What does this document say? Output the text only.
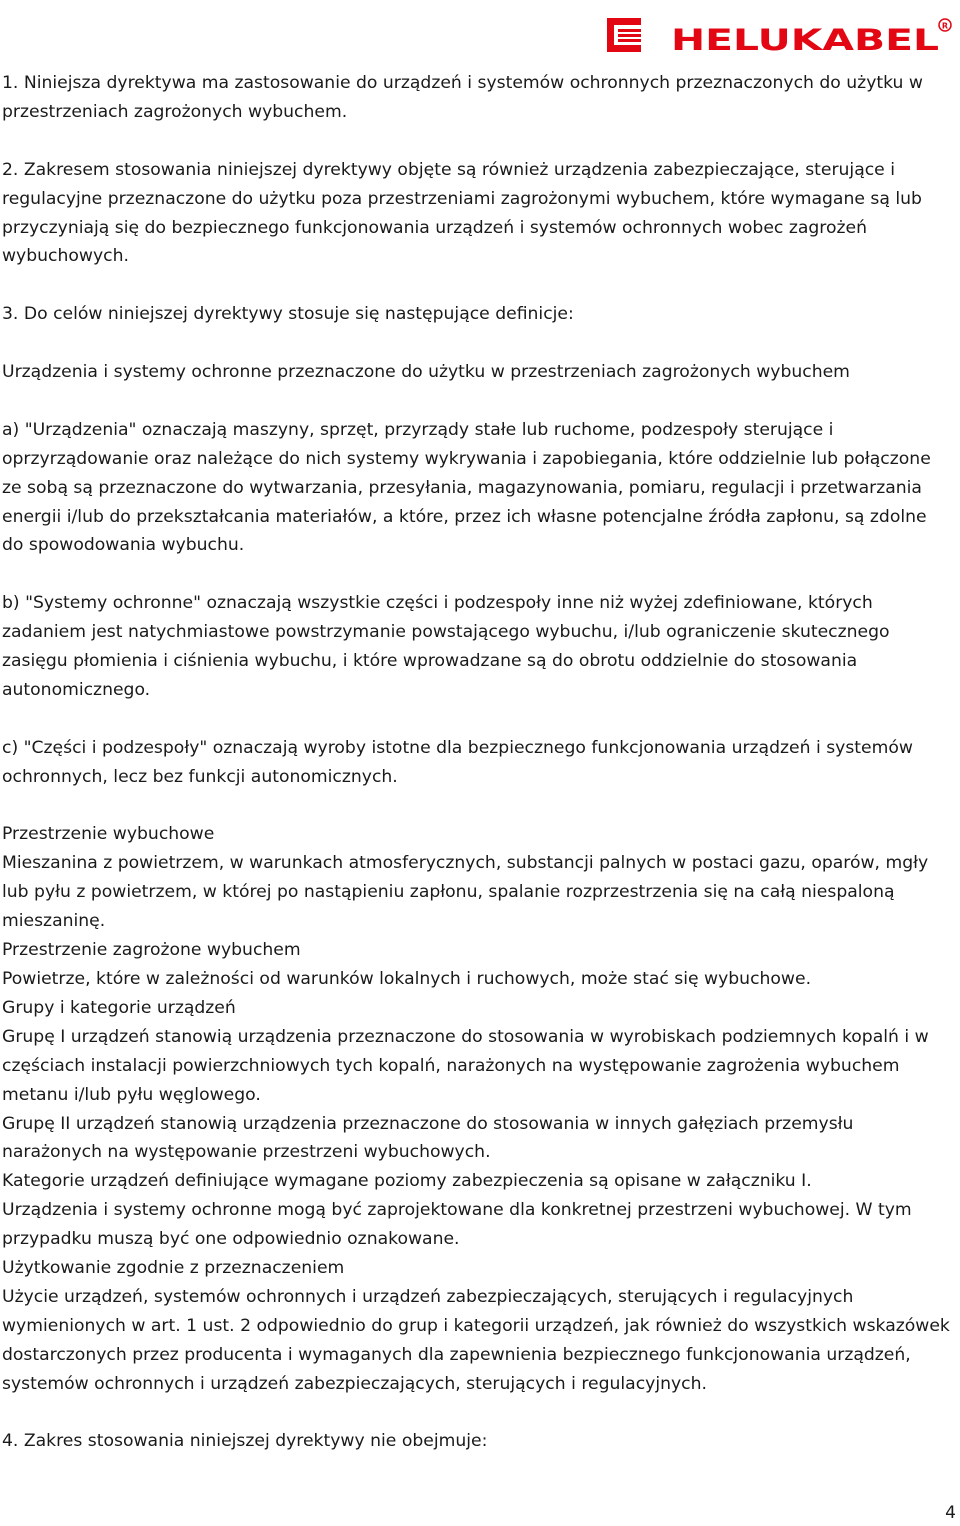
HELUKABEL R

1. Niniejsza dyrektywa ma zastosowanie do urządzeń i systemów ochronnych przeznaczonych do użytku w przestrzeniach zagrożonych wybuchem.

2. Zakresem stosowania niniejszej dyrektywy objęte są również urządzenia zabezpieczające, sterujące i regulacyjne przeznaczone do użytku poza przestrzeniami zagrożonymi wybuchem, które wymagane są lub przyczyniają się do bezpiecznego funkcjonowania urządzeń i systemów ochronnych wobec zagrożeń wybuchowych.

3. Do celów niniejszej dyrektywy stosuje się następujące definicje:

Urządzenia i systemy ochronne przeznaczone do użytku w przestrzeniach zagrożonych wybuchem

a) "Urządzenia" oznaczają maszyny, sprzęt, przyrządy stałe lub ruchome, podzespoły sterujące i oprzyrządowanie oraz należące do nich systemy wykrywania i zapobiegania, które oddzielnie lub połączone ze sobą są przeznaczone do wytwarzania, przesyłania, magazynowania, pomiaru, regulacji i przetwarzania energii i/lub do przekształcania materiałów, a które, przez ich własne potencjalne źródła zapłonu, są zdolne do spowodowania wybuchu.

b) "Systemy ochronne" oznaczają wszystkie części i podzespoły inne niż wyżej zdefiniowane, których zadaniem jest natychmiastowe powstrzymanie powstającego wybuchu, i/lub ograniczenie skutecznego zasięgu płomienia i ciśnienia wybuchu, i które wprowadzane są do obrotu oddzielnie do stosowania autonomicznego.

c) "Części i podzespoły" oznaczają wyroby istotne dla bezpiecznego funkcjonowania urządzeń i systemów ochronnych, lecz bez funkcji autonomicznych.

Przestrzenie wybuchowe

Mieszanina z powietrzem, w warunkach atmosferycznych, substancji palnych w postaci gazu, oparów, mgły lub pyłu z powietrzem, w której po nastąpieniu zapłonu, spalanie rozprzestrzenia się na całą niespaloną mieszaninę.

Przestrzenie zagrożone wybuchem

Powietrze, które w zależności od warunków lokalnych i ruchowych, może stać się wybuchowe.

Grupy i kategorie urządzeń

Grupę I urządzeń stanowią urządzenia przeznaczone do stosowania w wyrobiskach podziemnych kopalń i w częściach instalacji powierzchniowych tych kopalń, narażonych na występowanie zagrożenia wybuchem metanu i/lub pyłu węglowego.

Grupę II urządzeń stanowią urządzenia przeznaczone do stosowania w innych gałęziach przemysłu narażonych na występowanie przestrzeni wybuchowych.

Kategorie urządzeń definiujące wymagane poziomy zabezpieczenia są opisane w załączniku I.

Urządzenia i systemy ochronne mogą być zaprojektowane dla konkretnej przestrzeni wybuchowej. W tym przypadku muszą być one odpowiednio oznakowane.

Użytkowanie zgodnie z przeznaczeniem

Użycie urządzeń, systemów ochronnych i urządzeń zabezpieczających, sterujących i regulacyjnych wymienionych w art. 1 ust. 2 odpowiednio do grup i kategorii urządzeń, jak również do wszystkich wskazówek dostarczonych przez producenta i wymaganych dla zapewnienia bezpiecznego funkcjonowania urządzeń, systemów ochronnych i urządzeń zabezpieczających, sterujących i regulacyjnych.

4. Zakres stosowania niniejszej dyrektywy nie obejmuje:

4
